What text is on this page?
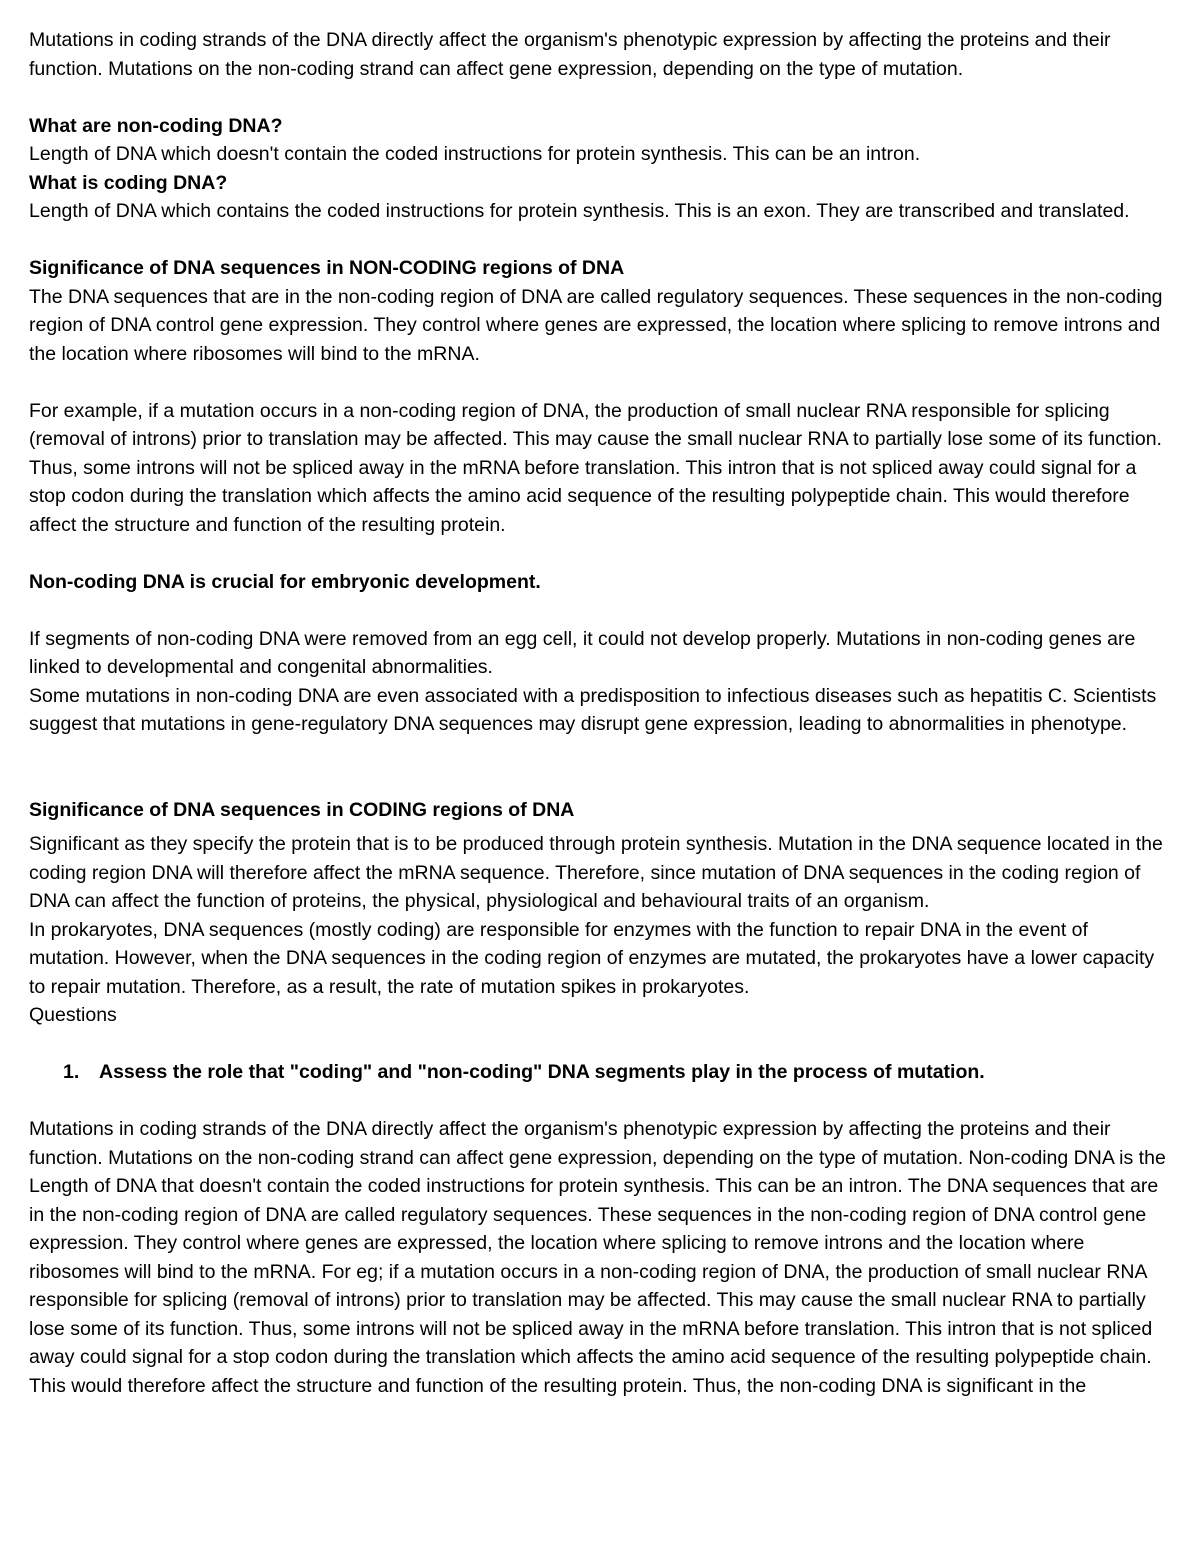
Mutations in coding strands of the DNA directly affect the organism's phenotypic expression by affecting the proteins and their function. Mutations on the non-coding strand can affect gene expression, depending on the type of mutation.

What are non-coding DNA?

Length of DNA which doesn't contain the coded instructions for protein synthesis. This can be an intron.

What is coding DNA?

Length of DNA which contains the coded instructions for protein synthesis. This is an exon. They are transcribed and translated.

Significance of DNA sequences in NON-CODING regions of DNA

The DNA sequences that are in the non-coding region of DNA are called regulatory sequences. These sequences in the non-coding region of DNA control gene expression. They control where genes are expressed, the location where splicing to remove introns and the location where ribosomes will bind to the mRNA.

For example, if a mutation occurs in a non-coding region of DNA, the production of small nuclear RNA responsible for splicing (removal of introns) prior to translation may be affected. This may cause the small nuclear RNA to partially lose some of its function. Thus, some introns will not be spliced away in the mRNA before translation. This intron that is not spliced away could signal for a stop codon during the translation which affects the amino acid sequence of the resulting polypeptide chain. This would therefore affect the structure and function of the resulting protein.

Non-coding DNA is crucial for embryonic development.

If segments of non-coding DNA were removed from an egg cell, it could not develop properly. Mutations in non-coding genes are linked to developmental and congenital abnormalities.

Some mutations in non-coding DNA are even associated with a predisposition to infectious diseases such as hepatitis C. Scientists suggest that mutations in gene-regulatory DNA sequences may disrupt gene expression, leading to abnormalities in phenotype.

Significance of DNA sequences in CODING regions of DNA

Significant as they specify the protein that is to be produced through protein synthesis. Mutation in the DNA sequence located in the coding region DNA will therefore affect the mRNA sequence. Therefore, since mutation of DNA sequences in the coding region of DNA can affect the function of proteins, the physical, physiological and behavioural traits of an organism.

In prokaryotes, DNA sequences (mostly coding) are responsible for enzymes with the function to repair DNA in the event of mutation. However, when the DNA sequences in the coding region of enzymes are mutated, the prokaryotes have a lower capacity to repair mutation. Therefore, as a result, the rate of mutation spikes in prokaryotes.

Questions

1. Assess the role that "coding" and "non-coding" DNA segments play in the process of mutation.

Mutations in coding strands of the DNA directly affect the organism's phenotypic expression by affecting the proteins and their function. Mutations on the non-coding strand can affect gene expression, depending on the type of mutation. Non-coding DNA is the Length of DNA that doesn't contain the coded instructions for protein synthesis. This can be an intron. The DNA sequences that are in the non-coding region of DNA are called regulatory sequences. These sequences in the non-coding region of DNA control gene expression. They control where genes are expressed, the location where splicing to remove introns and the location where ribosomes will bind to the mRNA. For eg; if a mutation occurs in a non-coding region of DNA, the production of small nuclear RNA responsible for splicing (removal of introns) prior to translation may be affected. This may cause the small nuclear RNA to partially lose some of its function. Thus, some introns will not be spliced away in the mRNA before translation. This intron that is not spliced away could signal for a stop codon during the translation which affects the amino acid sequence of the resulting polypeptide chain. This would therefore affect the structure and function of the resulting protein. Thus, the non-coding DNA is significant in the
